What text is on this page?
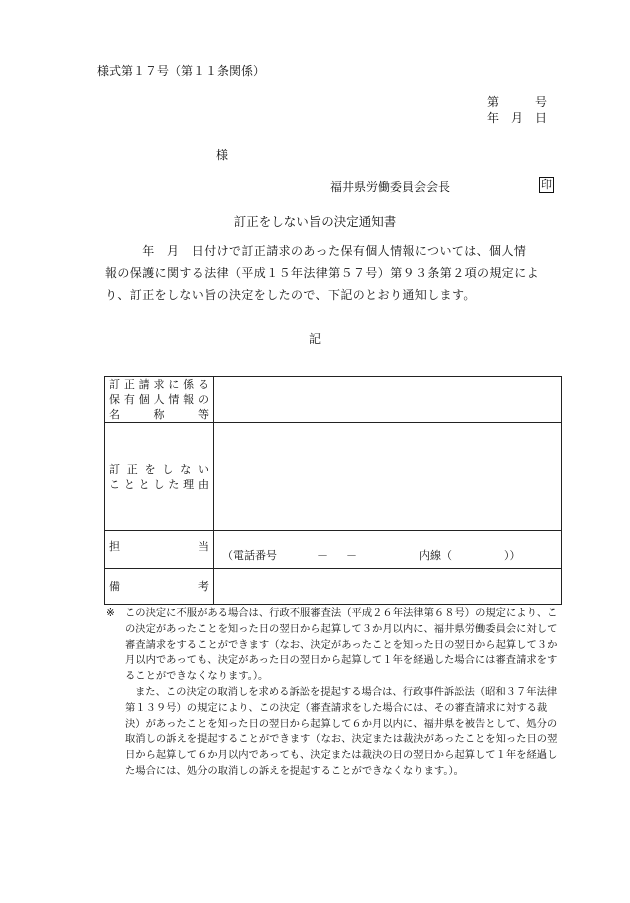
様式第１７号（第１１条関係）
第　　　号
年　月　日
様
福井県労働委員会会長	印
訂正をしない旨の決定通知書

　　　年　月　日付けで訂正請求のあった保有個人情報については、個人情

報の保護に関する法律（平成１５年法律第５７号）第９３条第２項の規定によ

り、訂正をしない旨の決定をしたので、下記のとおり通知します。

記
訂正請求に係る
保有個人情報の
名　称　等	

訂正をしない
こととした理由	

担　　当	（電話番号 － － 内線（ ））

備　　考	

※	この決定に不服がある場合は、行政不服審査法（平成２６年法律第６８号）の規定により、この決定があったことを知った日の翌日から起算して３か月以内に、福井県労働委員会に対して審査請求をすることができます（なお、決定があったことを知った日の翌日から起算して３か月以内であっても、決定があった日の翌日から起算して１年を経過した場合には審査請求をすることができなくなります。）。

また、この決定の取消しを求める訴訟を提起する場合は、行政事件訴訟法（昭和３７年法律第１３９号）の規定により、この決定（審査請求をした場合には、その審査請求に対する裁決）があったことを知った日の翌日から起算して６か月以内に、福井県を被告として、処分の取消しの訴えを提起することができます（なお、決定または裁決があったことを知った日の翌日から起算して６か月以内であっても、決定または裁決の日の翌日から起算して１年を経過した場合には、処分の取消しの訴えを提起することができなくなります。）。
